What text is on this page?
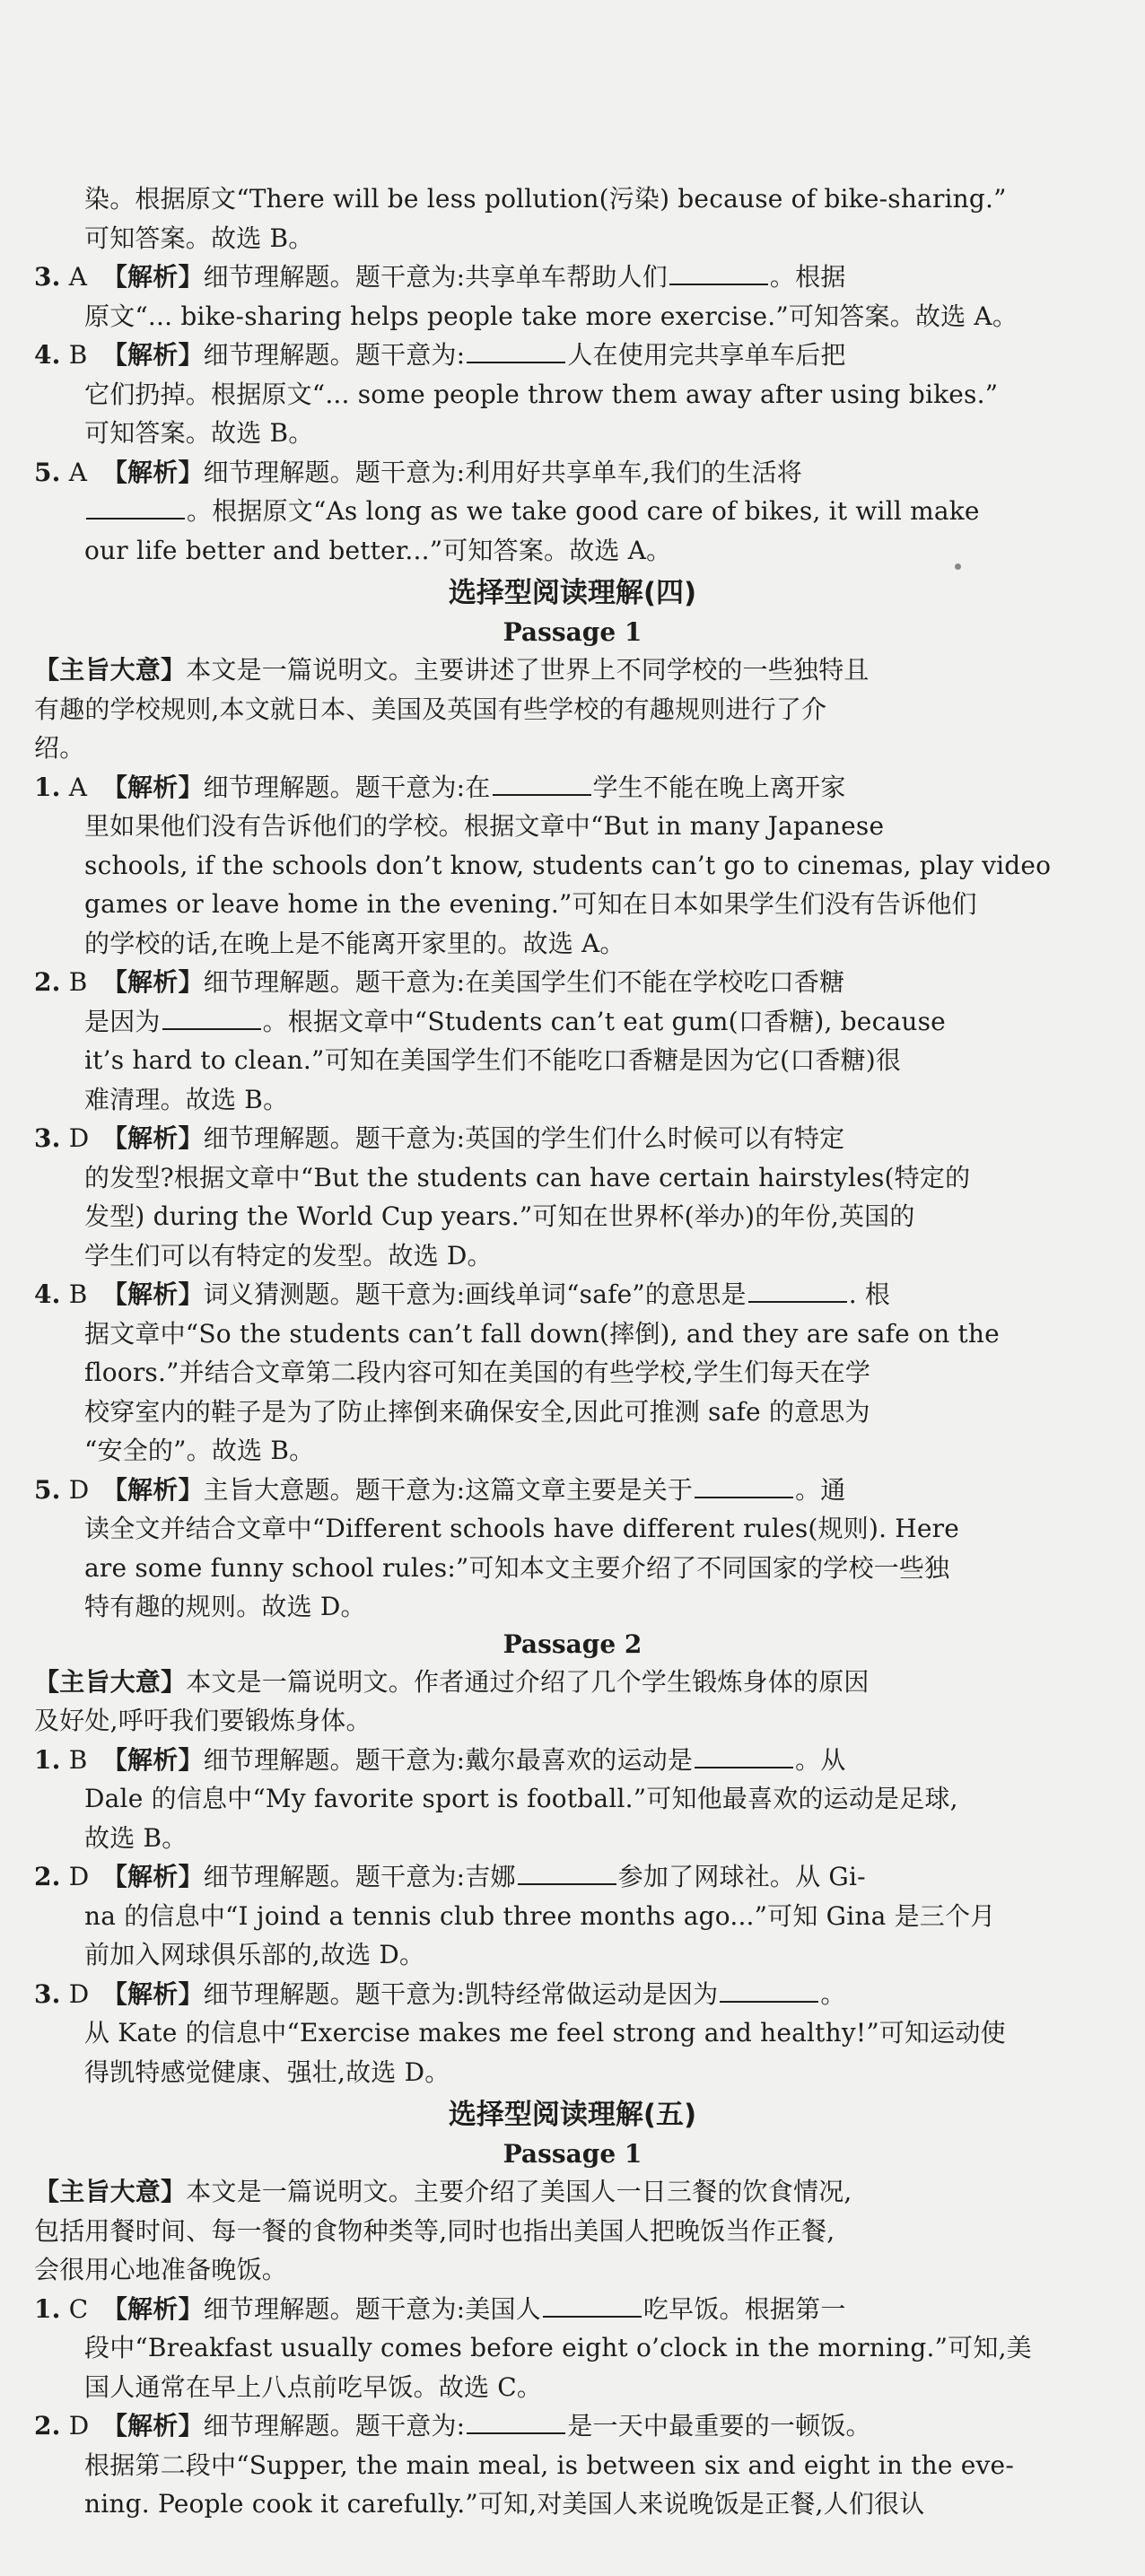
染。根据原文“There will be less pollution(污染) because of bike-sharing.”
可知答案。故选 B。
3. A 【解析】细节理解题。题干意为:共享单车帮助人们	。根据
原文“... bike-sharing helps people take more exercise.”可知答案。故选 A。
4. B 【解析】细节理解题。题干意为:	人在使用完共享单车后把
它们扔掉。根据原文“... some people throw them away after using bikes.”
可知答案。故选 B。
5. A 【解析】细节理解题。题干意为:利用好共享单车,我们的生活将
。根据原文“As long as we take good care of bikes, it will make
our life better and better...”可知答案。故选 A。
选择型阅读理解(四)
Passage 1
【主旨大意】本文是一篇说明文。主要讲述了世界上不同学校的一些独特且
有趣的学校规则,本文就日本、美国及英国有些学校的有趣规则进行了介
绍。
1. A 【解析】细节理解题。题干意为:在	学生不能在晚上离开家
里如果他们没有告诉他们的学校。根据文章中“But in many Japanese
schools, if the schools don’t know, students can’t go to cinemas, play video
games or leave home in the evening.”可知在日本如果学生们没有告诉他们
的学校的话,在晚上是不能离开家里的。故选 A。
2. B 【解析】细节理解题。题干意为:在美国学生们不能在学校吃口香糖
是因为	。根据文章中“Students can’t eat gum(口香糖), because
it’s hard to clean.”可知在美国学生们不能吃口香糖是因为它(口香糖)很
难清理。故选 B。
3. D 【解析】细节理解题。题干意为:英国的学生们什么时候可以有特定
的发型?根据文章中“But the students can have certain hairstyles(特定的
发型) during the World Cup years.”可知在世界杯(举办)的年份,英国的
学生们可以有特定的发型。故选 D。
4. B 【解析】词义猜测题。题干意为:画线单词“safe”的意思是	. 根
据文章中“So the students can’t fall down(摔倒), and they are safe on the
floors.”并结合文章第二段内容可知在美国的有些学校,学生们每天在学
校穿室内的鞋子是为了防止摔倒来确保安全,因此可推测 safe 的意思为
“安全的”。故选 B。
5. D 【解析】主旨大意题。题干意为:这篇文章主要是关于	。通
读全文并结合文章中“Different schools have different rules(规则). Here
are some funny school rules:”可知本文主要介绍了不同国家的学校一些独
特有趣的规则。故选 D。
Passage 2
【主旨大意】本文是一篇说明文。作者通过介绍了几个学生锻炼身体的原因
及好处,呼吁我们要锻炼身体。
1. B 【解析】细节理解题。题干意为:戴尔最喜欢的运动是	。从
Dale 的信息中“My favorite sport is football.”可知他最喜欢的运动是足球,
故选 B。
2. D 【解析】细节理解题。题干意为:吉娜	参加了网球社。从 Gi-
na 的信息中“I joind a tennis club three months ago...”可知 Gina 是三个月
前加入网球俱乐部的,故选 D。
3. D 【解析】细节理解题。题干意为:凯特经常做运动是因为	。
从 Kate 的信息中“Exercise makes me feel strong and healthy!”可知运动使
得凯特感觉健康、强壮,故选 D。
选择型阅读理解(五)
Passage 1
【主旨大意】本文是一篇说明文。主要介绍了美国人一日三餐的饮食情况,
包括用餐时间、每一餐的食物种类等,同时也指出美国人把晚饭当作正餐,
会很用心地准备晚饭。
1. C 【解析】细节理解题。题干意为:美国人	吃早饭。根据第一
段中“Breakfast usually comes before eight o’clock in the morning.”可知,美
国人通常在早上八点前吃早饭。故选 C。
2. D 【解析】细节理解题。题干意为:	是一天中最重要的一顿饭。
根据第二段中“Supper, the main meal, is between six and eight in the eve-
ning. People cook it carefully.”可知,对美国人来说晚饭是正餐,人们很认
